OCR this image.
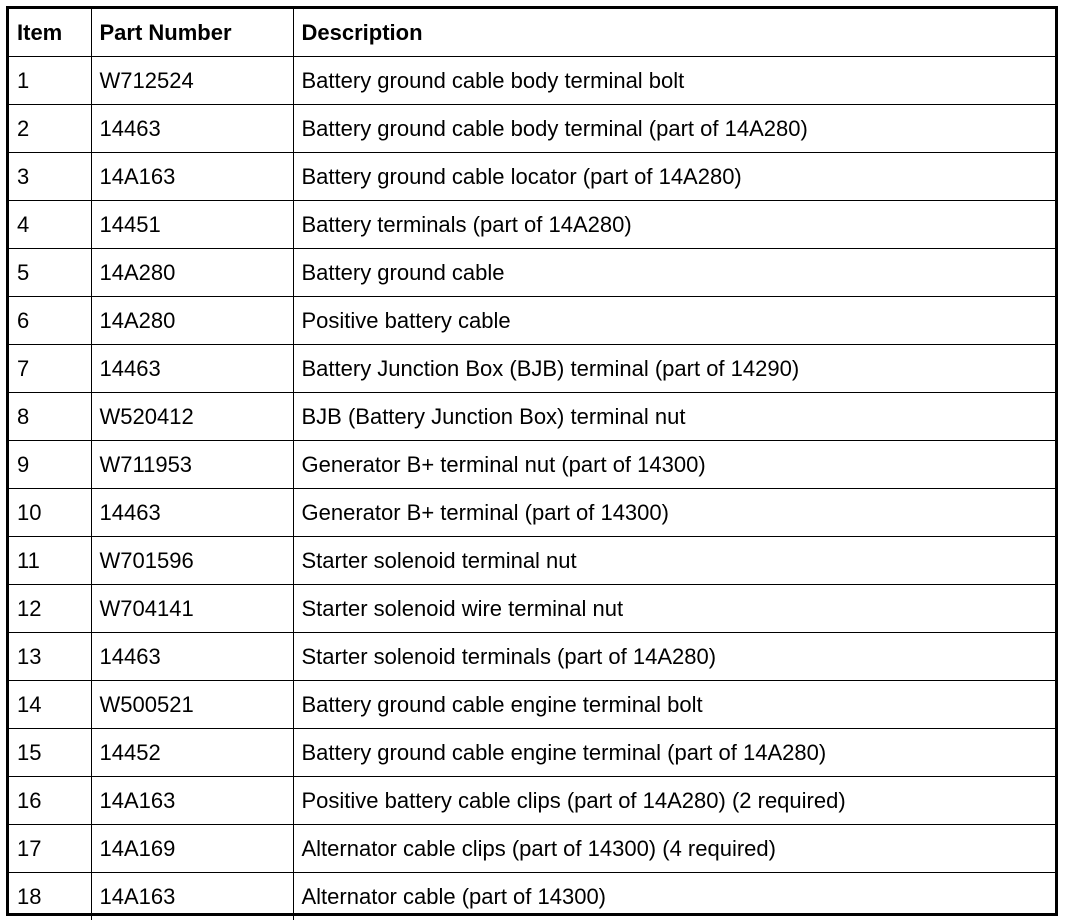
Item	Part Number	Description
1	W712524	Battery ground cable body terminal bolt
2	14463	Battery ground cable body terminal (part of 14A280)
3	14A163	Battery ground cable locator (part of 14A280)
4	14451	Battery terminals (part of 14A280)
5	14A280	Battery ground cable
6	14A280	Positive battery cable
7	14463	Battery Junction Box (BJB) terminal (part of 14290)
8	W520412	BJB (Battery Junction Box) terminal nut
9	W711953	Generator B+ terminal nut (part of 14300)
10	14463	Generator B+ terminal (part of 14300)
11	W701596	Starter solenoid terminal nut
12	W704141	Starter solenoid wire terminal nut
13	14463	Starter solenoid terminals (part of 14A280)
14	W500521	Battery ground cable engine terminal bolt
15	14452	Battery ground cable engine terminal (part of 14A280)
16	14A163	Positive battery cable clips (part of 14A280) (2 required)
17	14A169	Alternator cable clips (part of 14300) (4 required)
18	14A163	Alternator cable (part of 14300)
